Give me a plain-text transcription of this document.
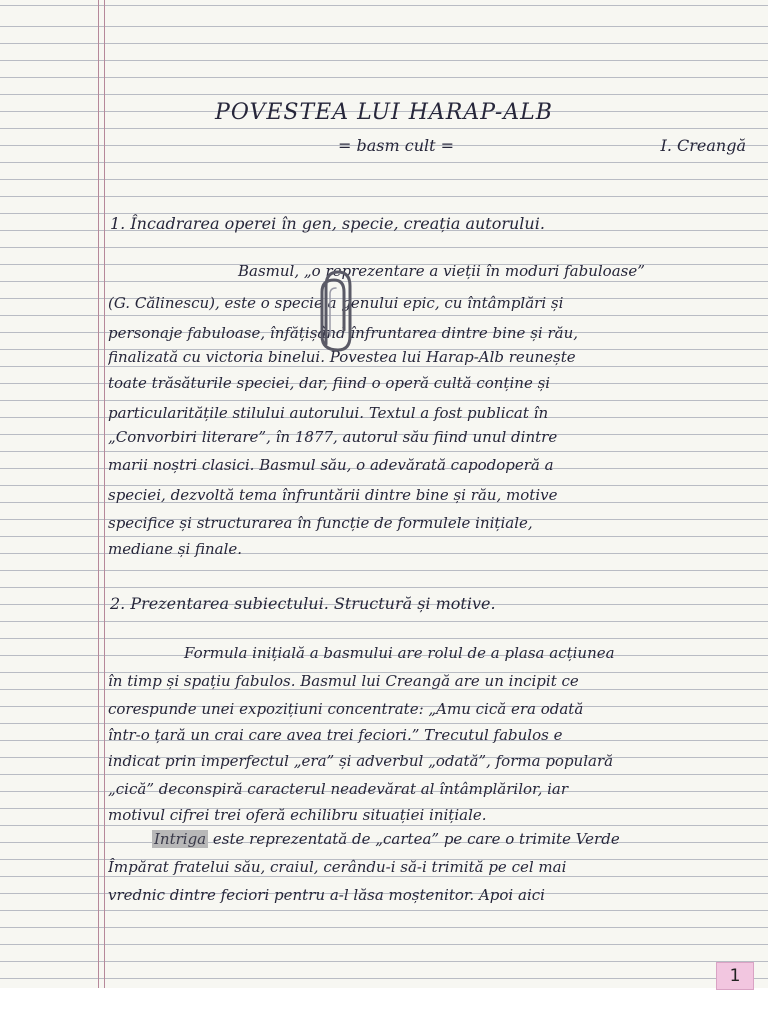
POVESTEA LUI HARAP-ALB
= basm cult =	I. Creangă
1. Încadrarea operei în gen, specie, creația autorului.
Basmul, „o reprezentare a vieții în moduri fabuloase”
(G. Călinescu), este o specie a genului epic, cu întâmplări și
personaje fabuloase, înfățișând înfruntarea dintre bine și rău,
finalizată cu victoria binelui. Povestea lui Harap-Alb reunește
toate trăsăturile speciei, dar, fiind o operă cultă conține și
particularitățile stilului autorului. Textul a fost publicat în
„Convorbiri literare”, în 1877, autorul său fiind unul dintre
marii noștri clasici. Basmul său, o adevărată capodoperă a
speciei, dezvoltă tema înfruntării dintre bine și rău, motive
specifice și structurarea în funcție de formulele inițiale,
mediane și finale.
2. Prezentarea subiectului. Structură și motive.
Formula inițială a basmului are rolul de a plasa acțiunea
în timp și spațiu fabulos. Basmul lui Creangă are un incipit ce
corespunde unei expozițiuni concentrate: „Amu cică era odată
într-o țară un crai care avea trei feciori.” Trecutul fabulos e
indicat prin imperfectul „era” și adverbul „odată”, forma populară
„cică” deconspiră caracterul neadevărat al întâmplărilor, iar
motivul cifrei trei oferă echilibru situației inițiale.
Intriga este reprezentată de „cartea” pe care o trimite Verde
Împărat fratelui său, craiul, cerându-i să-i trimită pe cel mai
vrednic dintre feciori pentru a-l lăsa moștenitor. Apoi aici
1
